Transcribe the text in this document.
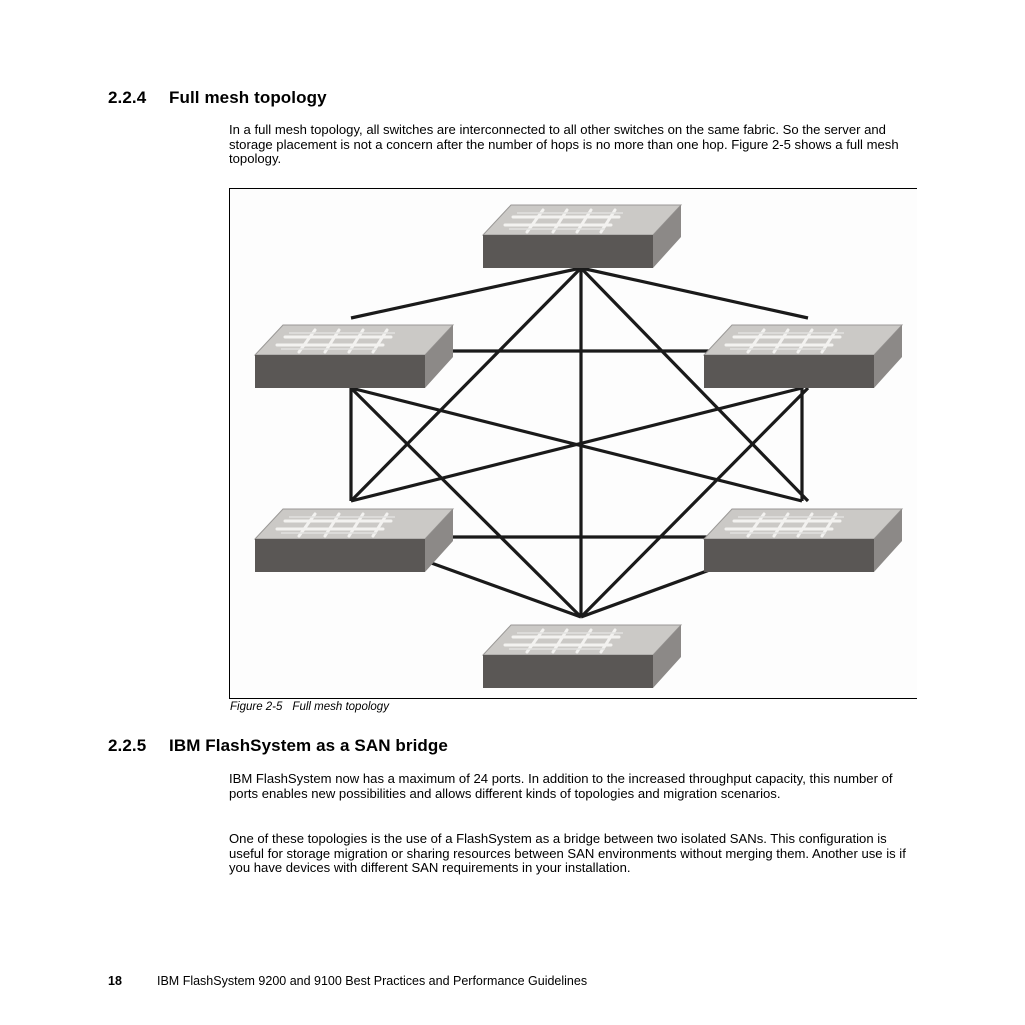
2.2.4 Full mesh topology

In a full mesh topology, all switches are interconnected to all other switches on the same fabric. So the server and storage placement is not a concern after the number of hops is no more than one hop. Figure 2-5 shows a full mesh topology.

Figure 2-5 Full mesh topology
2.2.5 IBM FlashSystem as a SAN bridge

IBM FlashSystem now has a maximum of 24 ports. In addition to the increased throughput capacity, this number of ports enables new possibilities and allows different kinds of topologies and migration scenarios.

One of these topologies is the use of a FlashSystem as a bridge between two isolated SANs. This configuration is useful for storage migration or sharing resources between SAN environments without merging them. Another use is if you have devices with different SAN requirements in your installation.

18	IBM FlashSystem 9200 and 9100 Best Practices and Performance Guidelines
